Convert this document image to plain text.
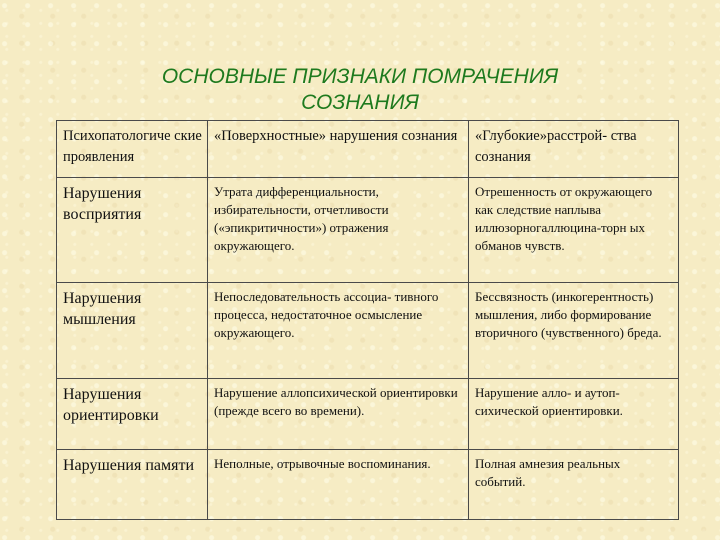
ОСНОВНЫЕ ПРИЗНАКИ ПОМРАЧЕНИЯ
СОЗНАНИЯ
Психопатологиче ские проявления	«Поверхностные» нарушения сознания	«Глубокие»расстрой- ства сознания
Нарушения восприятия	Утрата дифференциальности, избирательности, отчетливости («эпикритичности») отражения окружающего.	Отрешенность от окружающего как следствие наплыва иллюзорногаллюцина-торн ых обманов чувств.
Нарушения мышления	Непоследовательность ассоциа- тивного процесса, недостаточное осмысление окружающего.	Бессвязность (инкогерентность) мышления, либо формирование вторичного (чувственного) бреда.
Нарушения ориентировки	Нарушение аллопсихической ориентировки (прежде всего во времени).	Нарушение алло- и аутоп- сихической ориентировки.
Нарушения памяти	Неполные, отрывочные воспоминания.	Полная амнезия реальных событий.
